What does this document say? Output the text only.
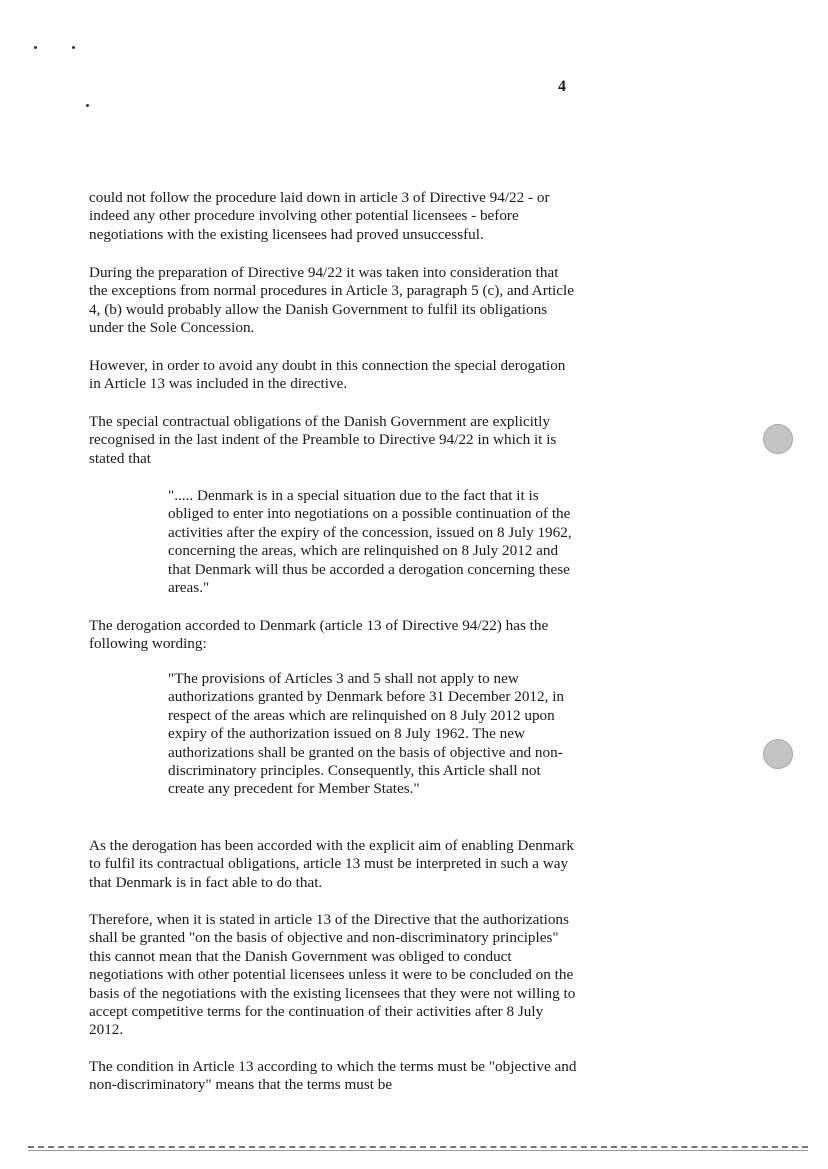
4

could not follow the procedure laid down in article 3 of Directive 94/22 - or indeed any other procedure involving other potential licensees - before negotiations with the existing licensees had proved unsuccessful.

During the preparation of Directive 94/22 it was taken into consideration that the exceptions from normal procedures in Article 3, paragraph 5 (c), and Article 4, (b) would probably allow the Danish Government to fulfil its obligations under the Sole Concession.

However, in order to avoid any doubt in this connection the special derogation in Article 13 was included in the directive.

The special contractual obligations of the Danish Government are explicitly recognised in the last indent of the Preamble to Directive 94/22 in which it is stated that

"..... Denmark is in a special situation due to the fact that it is obliged to enter into negotiations on a possible continuation of the activities after the expiry of the concession, issued on 8 July 1962, concerning the areas, which are relinquished on 8 July 2012 and that Denmark will thus be accorded a derogation concerning these areas."

The derogation accorded to Denmark (article 13 of Directive 94/22) has the following wording:

"The provisions of Articles 3 and 5 shall not apply to new authorizations granted by Denmark before 31 December 2012, in respect of the areas which are relinquished on 8 July 2012 upon expiry of the authorization issued on 8 July 1962. The new authorizations shall be granted on the basis of objective and non-discriminatory principles. Consequently, this Article shall not create any precedent for Member States."

As the derogation has been accorded with the explicit aim of enabling Denmark to fulfil its contractual obligations, article 13 must be interpreted in such a way that Denmark is in fact able to do that.

Therefore, when it is stated in article 13 of the Directive that the authorizations shall be granted "on the basis of objective and non-discriminatory principles" this cannot mean that the Danish Government was obliged to conduct negotiations with other potential licensees unless it were to be concluded on the basis of the negotiations with the existing licensees that they were not willing to accept competitive terms for the continuation of their activities after 8 July 2012.

The condition in Article 13 according to which the terms must be "objective and non-discriminatory" means that the terms must be
